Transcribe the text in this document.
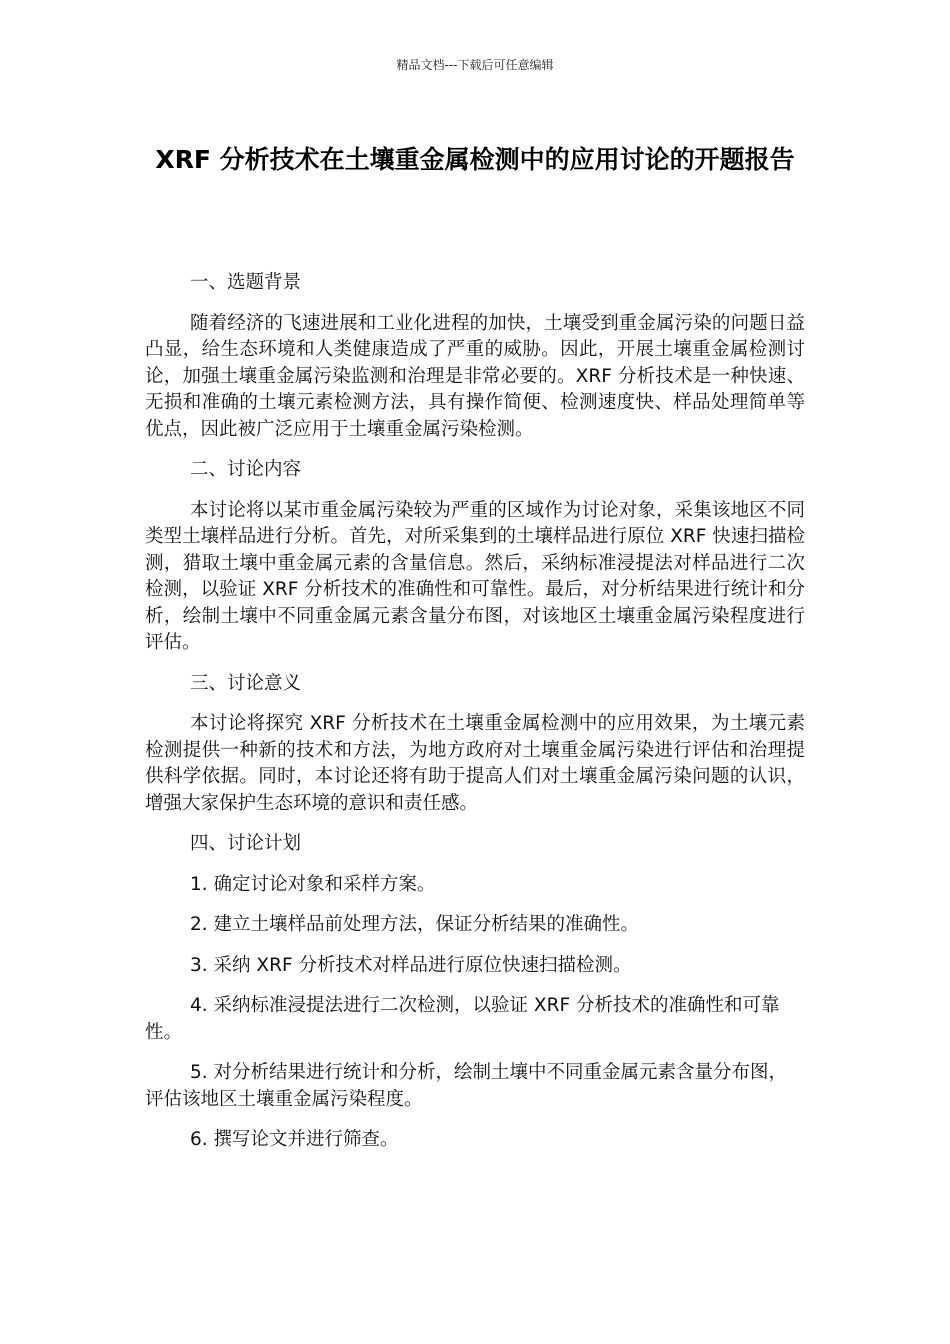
精品文档---下载后可任意编辑
XRF 分析技术在土壤重金属检测中的应用讨论的开题报告

一、选题背景

随着经济的飞速进展和工业化进程的加快，土壤受到重金属污染的问题日益凸显，给生态环境和人类健康造成了严重的威胁。因此，开展土壤重金属检测讨论，加强土壤重金属污染监测和治理是非常必要的。XRF 分析技术是一种快速、无损和准确的土壤元素检测方法，具有操作简便、检测速度快、样品处理简单等优点，因此被广泛应用于土壤重金属污染检测。

二、讨论内容

本讨论将以某市重金属污染较为严重的区域作为讨论对象，采集该地区不同类型土壤样品进行分析。首先，对所采集到的土壤样品进行原位 XRF 快速扫描检测，猎取土壤中重金属元素的含量信息。然后，采纳标准浸提法对样品进行二次检测，以验证 XRF 分析技术的准确性和可靠性。最后，对分析结果进行统计和分析，绘制土壤中不同重金属元素含量分布图，对该地区土壤重金属污染程度进行评估。

三、讨论意义

本讨论将探究 XRF 分析技术在土壤重金属检测中的应用效果，为土壤元素检测提供一种新的技术和方法，为地方政府对土壤重金属污染进行评估和治理提供科学依据。同时，本讨论还将有助于提高人们对土壤重金属污染问题的认识，增强大家保护生态环境的意识和责任感。

四、讨论计划

1. 确定讨论对象和采样方案。

2. 建立土壤样品前处理方法，保证分析结果的准确性。

3. 采纳 XRF 分析技术对样品进行原位快速扫描检测。

4. 采纳标准浸提法进行二次检测，以验证 XRF 分析技术的准确性和可靠性。

5. 对分析结果进行统计和分析，绘制土壤中不同重金属元素含量分布图，评估该地区土壤重金属污染程度。

6. 撰写论文并进行筛查。
